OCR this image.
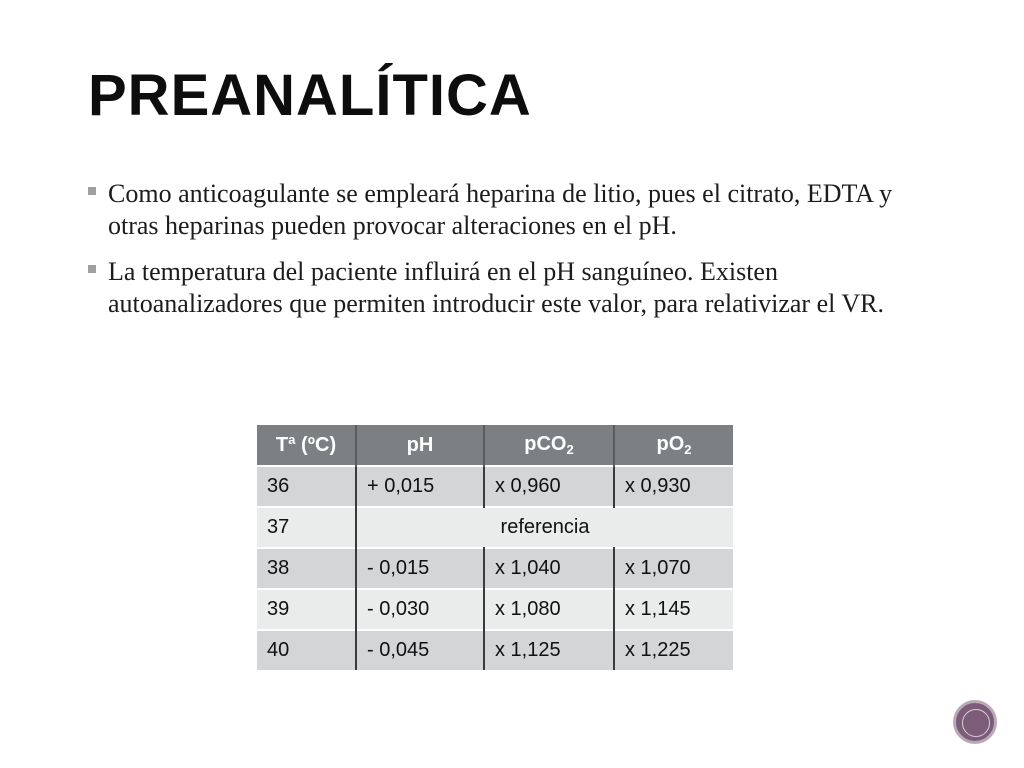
PREANALÍTICA
Como anticoagulante se empleará heparina de litio, pues el citrato, EDTA y otras heparinas pueden provocar alteraciones en el pH.
La temperatura del paciente influirá en el pH sanguíneo. Existen autoanalizadores que permiten introducir este valor, para relativizar el VR.
Tª (ºC)	pH	pCO$_2$	$pO_2$
36	+ 0,015	x 0,960	x 0,930
37	referencia		
38	- 0,015	x 1,040	x 1,070
39	- 0,030	x 1,080	x 1,145
40	- 0,045	x 1,125	x 1,225
